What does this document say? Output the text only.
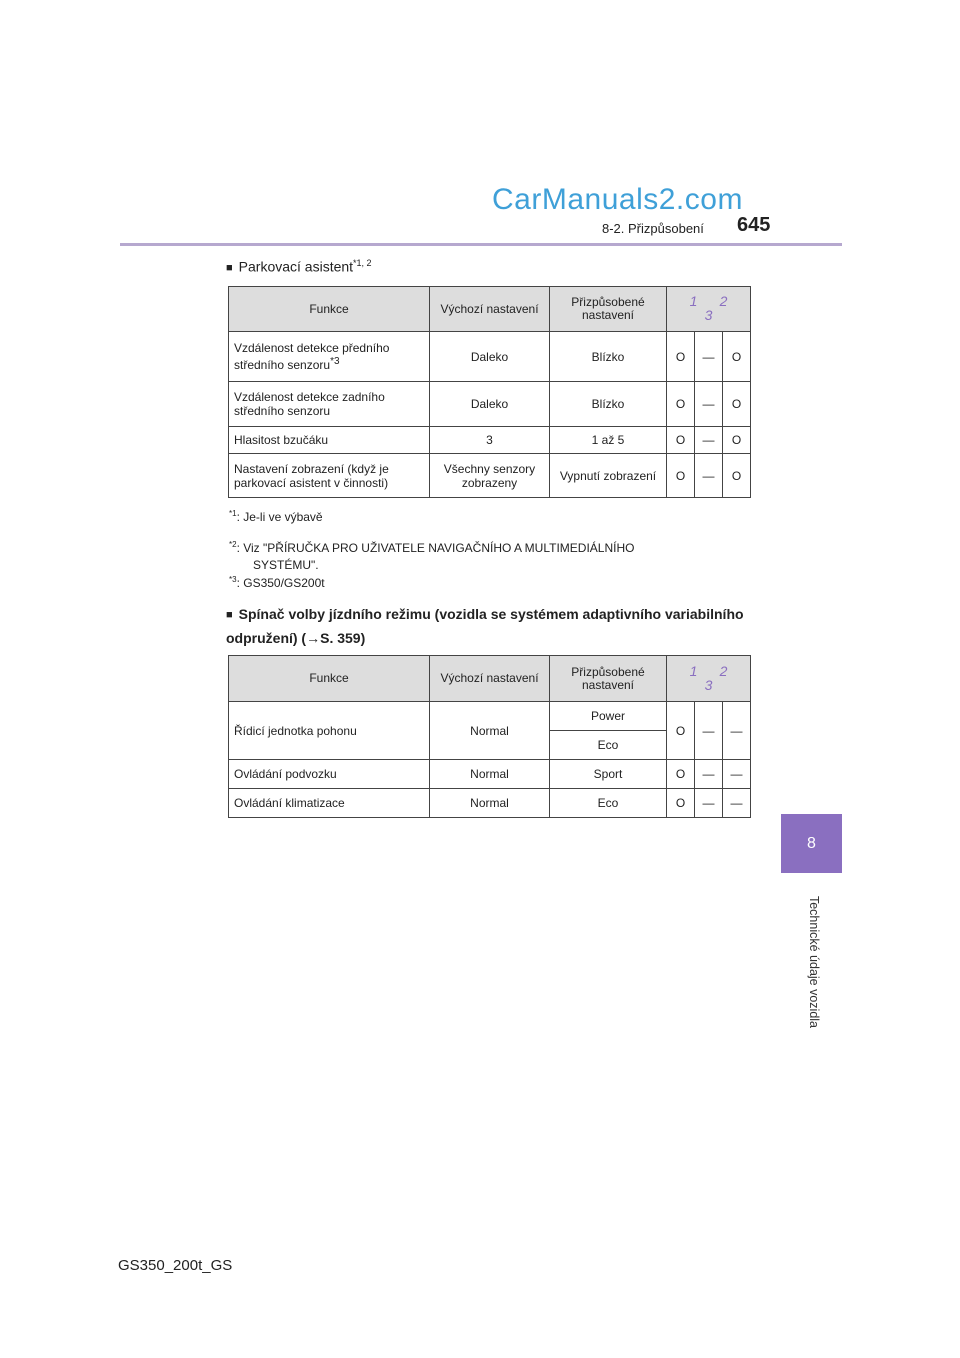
CarManuals2.com
8-2. Přizpůsobení 645
8
Technické údaje vozidla
■ Parkovací asistent$^{*1, 2}$
Funkce	Výchozí nastavení	Přizpůsobené nastavení	1 23		
Vzdálenost detekce předního středního senzoru$^{*3}$	Daleko	Blízko	O	—	O
Vzdálenost detekce zadního středního senzoru	Daleko	Blízko	O	—	O
Hlasitost bzučáku	3	1 až 5	O	—	O
Nastavení zobrazení (když je parkovací asistent v činnosti)	Všechny senzory zobrazeny	Vypnutí zobrazení	O	—	O
$^{*1}$: Je-li ve výbavě
$^{*2}$: Viz "PŘÍRUČKA PRO UŽIVATELE NAVIGAČNÍHO A MULTIMEDIÁLNÍHO
SYSTÉMU".
$^{*3}$: GS350/GS200t
■ Spínač volby jízdního režimu (vozidla se systémem adaptivního variabilního odpružení) (→S. 359)
Funkce	Výchozí nastavení	Přizpůsobené nastavení	1 23		
Řídicí jednotka pohonu	Normal	Power	O	—	—
		Eco			
Ovládání podvozku	Normal	Sport	O	—	—
Ovládání klimatizace	Normal	Eco	O	—	—
GS350_200t_GS
